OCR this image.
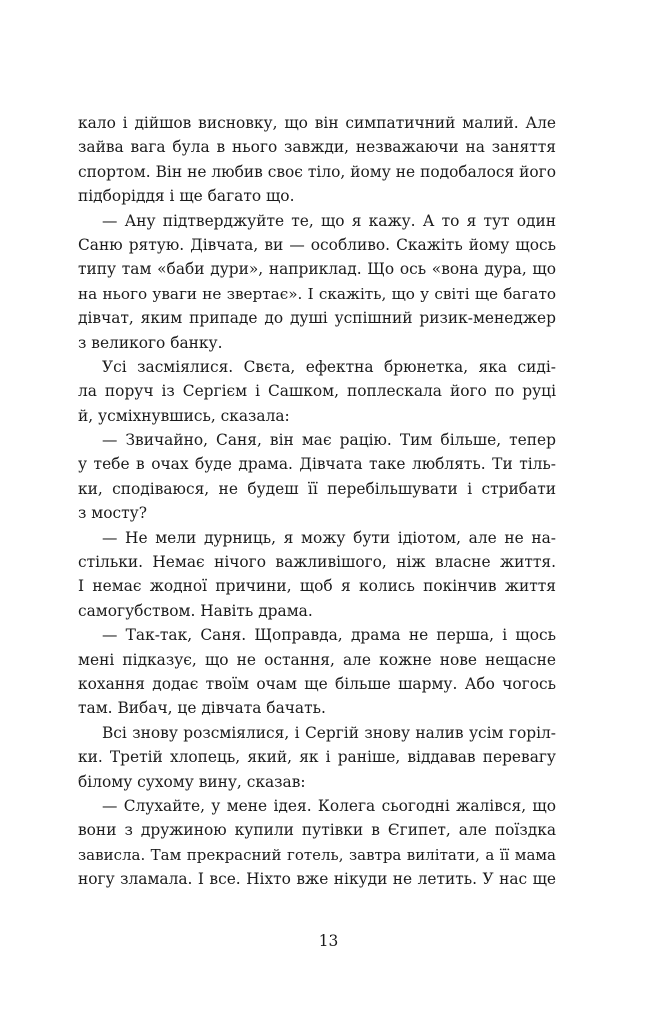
кало і дійшов висновку, що він симпатичний малий. Але
зайва вага була в нього завжди, незважаючи на заняття
спортом. Він не любив своє тіло, йому не подобалося його
підборіддя і ще багато що.
— Ану підтверджуйте те, що я кажу. А то я тут один
Саню рятую. Дівчата, ви — особливо. Скажіть йому щось
типу там «баби дури», наприклад. Що ось «вона дура, що
на нього уваги не звертає». І скажіть, що у світі ще багато
дівчат, яким припаде до душі успішний ризик-менеджер
з великого банку.
Усі засміялися. Свєта, ефектна брюнетка, яка сиді-
ла поруч із Сергієм і Сашком, поплескала його по руці
й, усміхнувшись, сказала:
— Звичайно, Саня, він має рацію. Тим більше, тепер
у тебе в очах буде драма. Дівчата таке люблять. Ти тіль-
ки, сподіваюся, не будеш її перебільшувати і стрибати
з мосту?
— Не мели дурниць, я можу бути ідіотом, але не на-
стільки. Немає нічого важливішого, ніж власне життя.
І немає жодної причини, щоб я колись покінчив життя
самогубством. Навіть драма.
— Так-так, Саня. Щоправда, драма не перша, і щось
мені підказує, що не остання, але кожне нове нещасне
кохання додає твоїм очам ще більше шарму. Або чогось
там. Вибач, це дівчата бачать.
Всі знову розсміялися, і Сергій знову налив усім горіл-
ки. Третій хлопець, який, як і раніше, віддавав перевагу
білому сухому вину, сказав:
— Слухайте, у мене ідея. Колега сьогодні жалівся, що
вони з дружиною купили путівки в Єгипет, але поїздка
зависла. Там прекрасний готель, завтра вилітати, а її мама
ногу зламала. І все. Ніхто вже нікуди не летить. У нас ще
13
